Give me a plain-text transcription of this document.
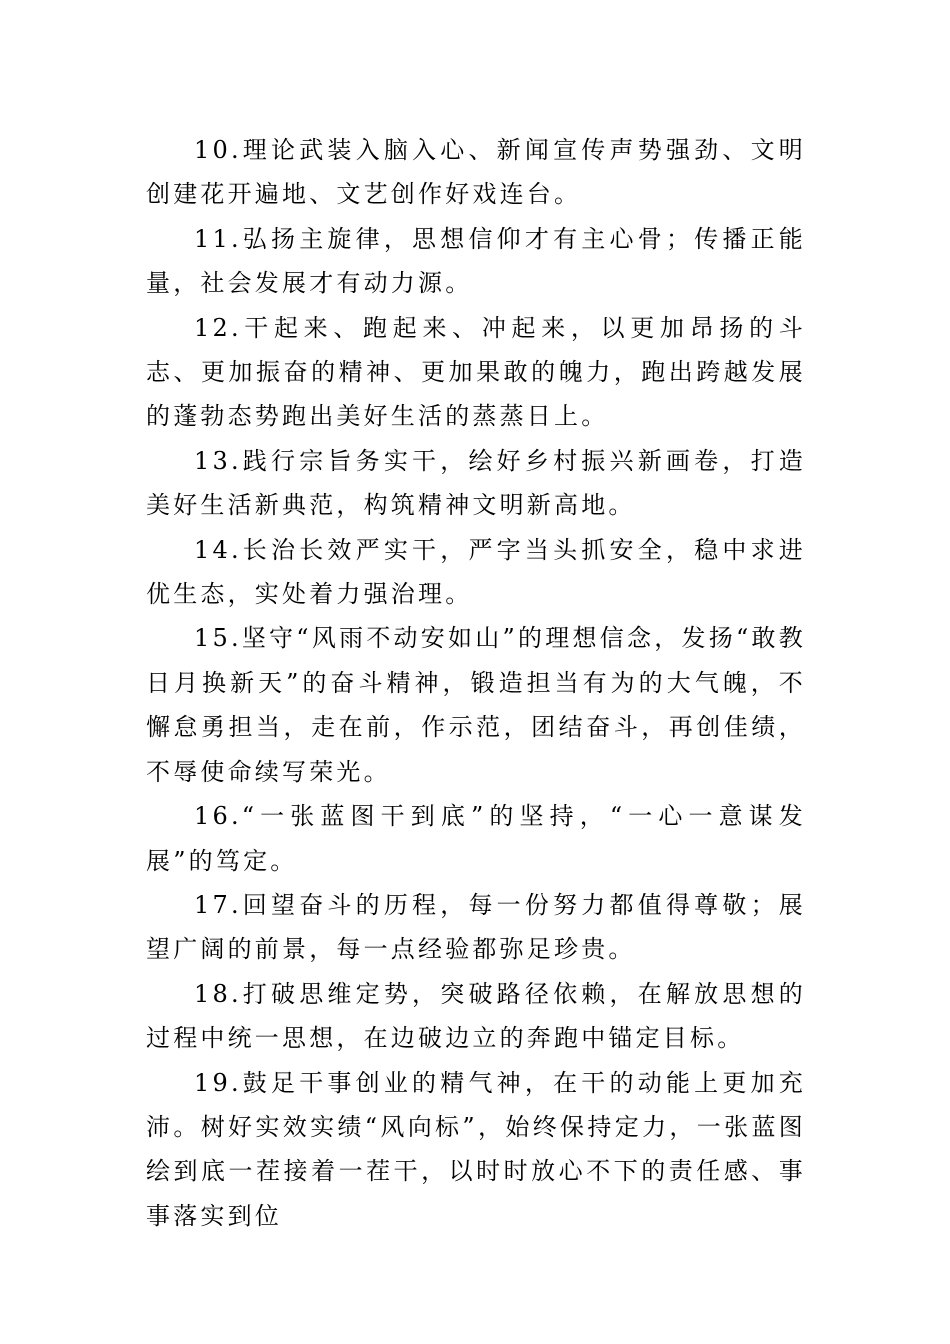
10.理论武装入脑入心、新闻宣传声势强劲、文明创建花开遍地、文艺创作好戏连台。

11.弘扬主旋律，思想信仰才有主心骨；传播正能量，社会发展才有动力源。

12.干起来、跑起来、冲起来，以更加昂扬的斗志、更加振奋的精神、更加果敢的魄力，跑出跨越发展的蓬勃态势跑出美好生活的蒸蒸日上。

13.践行宗旨务实干，绘好乡村振兴新画卷，打造美好生活新典范，构筑精神文明新高地。

14.长治长效严实干，严字当头抓安全，稳中求进优生态，实处着力强治理。

15.坚守“风雨不动安如山”的理想信念，发扬“敢教日月换新天”的奋斗精神，锻造担当有为的大气魄，不懈怠勇担当，走在前，作示范，团结奋斗，再创佳绩，不辱使命续写荣光。

16.“一张蓝图干到底”的坚持，“一心一意谋发展”的笃定。

17.回望奋斗的历程，每一份努力都值得尊敬；展望广阔的前景，每一点经验都弥足珍贵。

18.打破思维定势，突破路径依赖，在解放思想的过程中统一思想，在边破边立的奔跑中锚定目标。

19.鼓足干事创业的精气神，在干的动能上更加充沛。树好实效实绩“风向标”，始终保持定力，一张蓝图绘到底一茬接着一茬干，以时时放心不下的责任感、事事落实到位
